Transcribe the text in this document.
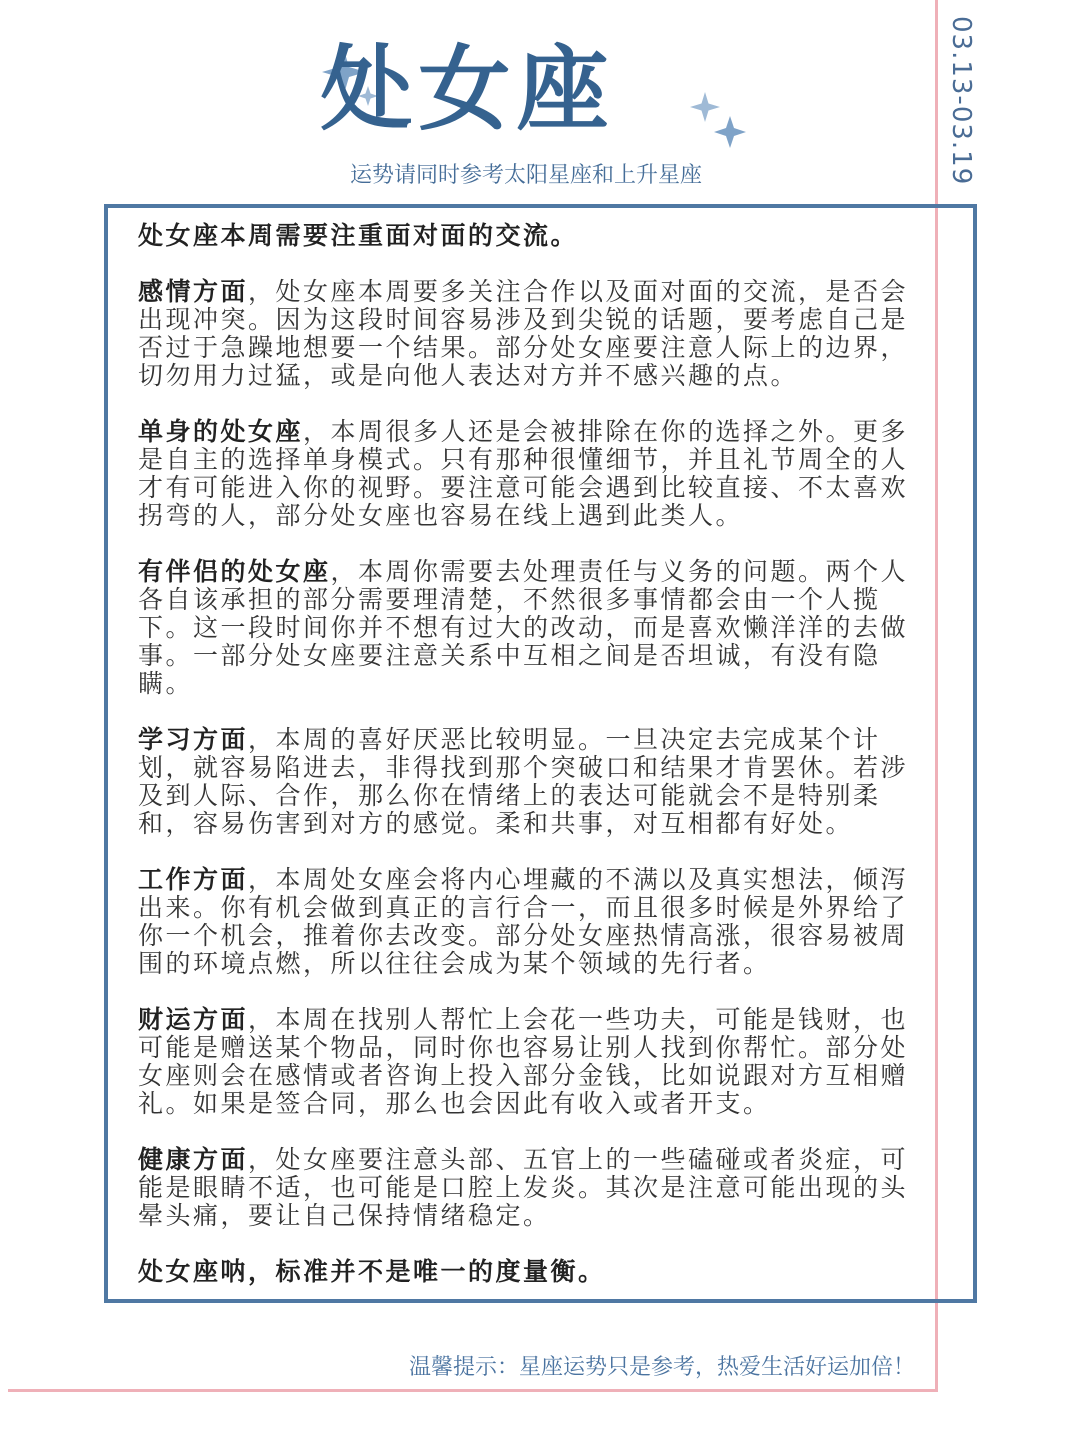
03.13-03.19
处女座
运势请同时参考太阳星座和上升星座

处女座本周需要注重面对面的交流。

感情方面，处女座本周要多关注合作以及面对面的交流，是否会出现冲突。因为这段时间容易涉及到尖锐的话题，要考虑自己是否过于急躁地想要一个结果。部分处女座要注意人际上的边界，切勿用力过猛，或是向他人表达对方并不感兴趣的点。

单身的处女座，本周很多人还是会被排除在你的选择之外。更多是自主的选择单身模式。只有那种很懂细节，并且礼节周全的人才有可能进入你的视野。要注意可能会遇到比较直接、不太喜欢拐弯的人，部分处女座也容易在线上遇到此类人。

有伴侣的处女座，本周你需要去处理责任与义务的问题。两个人各自该承担的部分需要理清楚，不然很多事情都会由一个人揽下。这一段时间你并不想有过大的改动，而是喜欢懒洋洋的去做事。一部分处女座要注意关系中互相之间是否坦诚，有没有隐瞒。

学习方面，本周的喜好厌恶比较明显。一旦决定去完成某个计划，就容易陷进去，非得找到那个突破口和结果才肯罢休。若涉及到人际、合作，那么你在情绪上的表达可能就会不是特别柔和，容易伤害到对方的感觉。柔和共事，对互相都有好处。

工作方面，本周处女座会将内心埋藏的不满以及真实想法，倾泻出来。你有机会做到真正的言行合一，而且很多时候是外界给了你一个机会，推着你去改变。部分处女座热情高涨，很容易被周围的环境点燃，所以往往会成为某个领域的先行者。

财运方面，本周在找别人帮忙上会花一些功夫，可能是钱财，也可能是赠送某个物品，同时你也容易让别人找到你帮忙。部分处女座则会在感情或者咨询上投入部分金钱，比如说跟对方互相赠礼。如果是签合同，那么也会因此有收入或者开支。

健康方面，处女座要注意头部、五官上的一些磕碰或者炎症，可能是眼睛不适，也可能是口腔上发炎。其次是注意可能出现的头晕头痛，要让自己保持情绪稳定。

处女座呐，标准并不是唯一的度量衡。

温馨提示：星座运势只是参考，热爱生活好运加倍！
